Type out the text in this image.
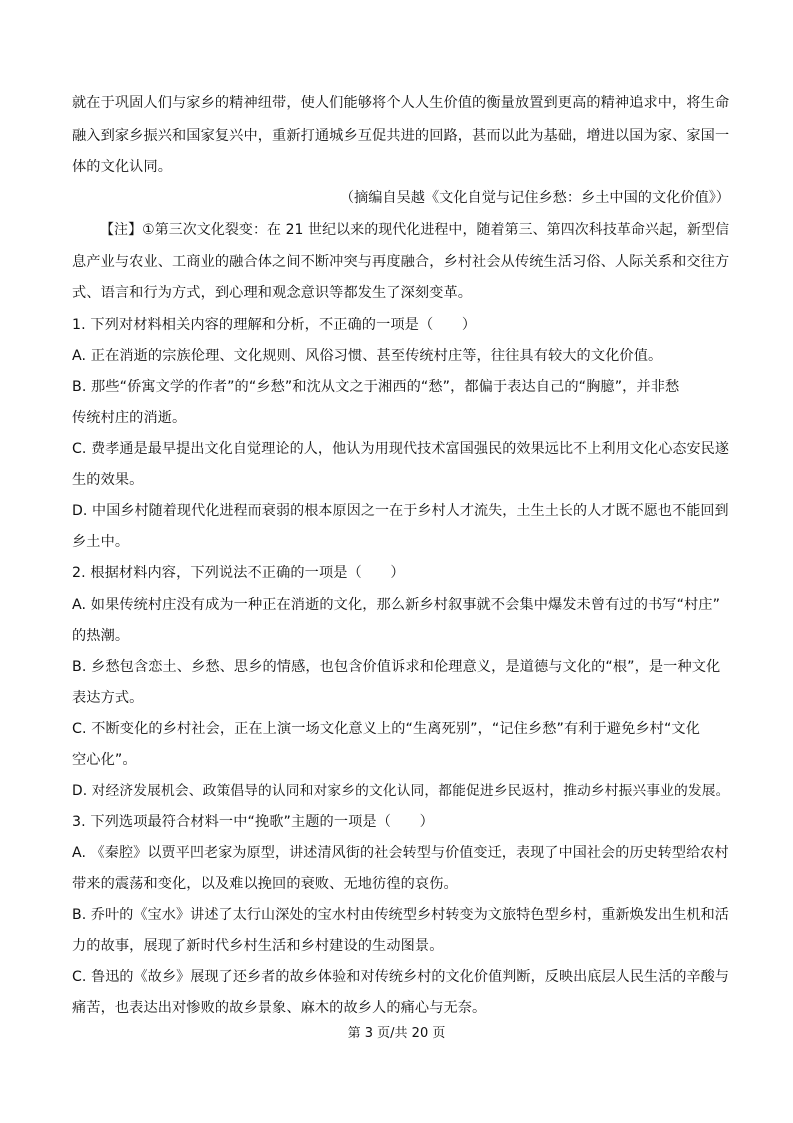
就在于巩固人们与家乡的精神纽带，使人们能够将个人人生价值的衡量放置到更高的精神追求中，将生命
融入到家乡振兴和国家复兴中，重新打通城乡互促共进的回路，甚而以此为基础，增进以国为家、家国一
体的文化认同。
（摘编自吴越《文化自觉与记住乡愁：乡土中国的文化价值》）
【注】①第三次文化裂变：在 21 世纪以来的现代化进程中，随着第三、第四次科技革命兴起，新型信
息产业与农业、工商业的融合体之间不断冲突与再度融合，乡村社会从传统生活习俗、人际关系和交往方
式、语言和行为方式，到心理和观念意识等都发生了深刻变革。
1. 下列对材料相关内容的理解和分析，不正确的一项是（　　）
A. 正在消逝的宗族伦理、文化规则、风俗习惯、甚至传统村庄等，往往具有较大的文化价值。
B. 那些“侨寓文学的作者”的“乡愁”和沈从文之于湘西的“愁”，都偏于表达自己的“胸臆”，并非愁
传统村庄的消逝。
C. 费孝通是最早提出文化自觉理论的人，他认为用现代技术富国强民的效果远比不上利用文化心态安民遂
生的效果。
D. 中国乡村随着现代化进程而衰弱的根本原因之一在于乡村人才流失，土生土长的人才既不愿也不能回到
乡土中。
2. 根据材料内容，下列说法不正确的一项是（　　）
A. 如果传统村庄没有成为一种正在消逝的文化，那么新乡村叙事就不会集中爆发未曾有过的书写“村庄”
的热潮。
B. 乡愁包含恋土、乡愁、思乡的情感，也包含价值诉求和伦理意义，是道德与文化的“根”，是一种文化
表达方式。
C. 不断变化的乡村社会，正在上演一场文化意义上的“生离死别”，“记住乡愁”有利于避免乡村“文化
空心化”。
D. 对经济发展机会、政策倡导的认同和对家乡的文化认同，都能促进乡民返村，推动乡村振兴事业的发展。
3. 下列选项最符合材料一中“挽歌”主题的一项是（　　）
A. 《秦腔》以贾平凹老家为原型，讲述清风街的社会转型与价值变迁，表现了中国社会的历史转型给农村
带来的震荡和变化，以及难以挽回的衰败、无地彷徨的哀伤。
B. 乔叶的《宝水》讲述了太行山深处的宝水村由传统型乡村转变为文旅特色型乡村，重新焕发出生机和活
力的故事，展现了新时代乡村生活和乡村建设的生动图景。
C. 鲁迅的《故乡》展现了还乡者的故乡体验和对传统乡村的文化价值判断，反映出底层人民生活的辛酸与
痛苦，也表达出对惨败的故乡景象、麻木的故乡人的痛心与无奈。
第 3 页/共 20 页
